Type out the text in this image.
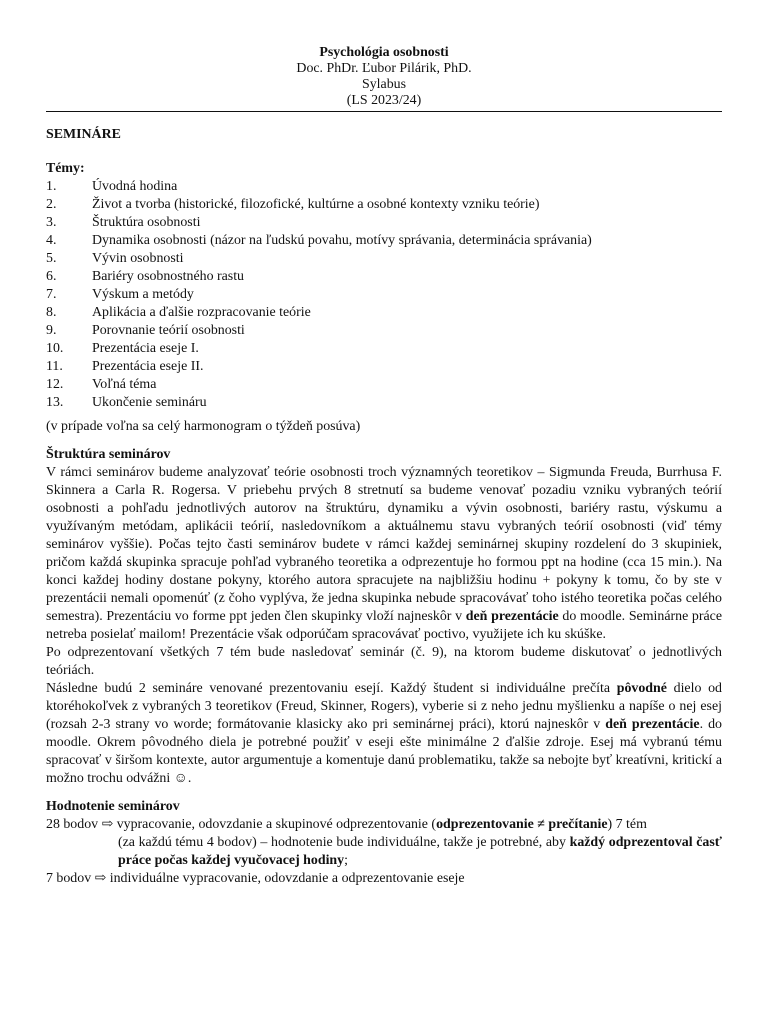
Psychológia osobnosti
Doc. PhDr. Ľubor Pilárik, PhD.
Sylabus
(LS 2023/24)
SEMINÁRE
Témy:
1.	Úvodná hodina
2.	Život a tvorba (historické, filozofické, kultúrne a osobné kontexty vzniku teórie)
3.	Štruktúra osobnosti
4.	Dynamika osobnosti (názor na ľudskú povahu, motívy správania, determinácia správania)
5.	Vývin osobnosti
6.	Bariéry osobnostného rastu
7.	Výskum a metódy
8.	Aplikácia a ďalšie rozpracovanie teórie
9.	Porovnanie teórií osobnosti
10.	Prezentácia eseje I.
11.	Prezentácia eseje II.
12.	Voľná téma
13.	Ukončenie semináru
(v prípade voľna sa celý harmonogram o týždeň posúva)
Štruktúra seminárov
V rámci seminárov budeme analyzovať teórie osobnosti troch významných teoretikov – Sigmunda Freuda, Burrhusa F. Skinnera a Carla R. Rogersa. V priebehu prvých 8 stretnutí sa budeme venovať pozadiu vzniku vybraných teórií osobnosti a pohľadu jednotlivých autorov na štruktúru, dynamiku a vývin osobnosti, bariéry rastu, výskumu a využívaným metódam, aplikácii teórií, nasledovníkom a aktuálnemu stavu vybraných teórií osobnosti (viď témy seminárov vyššie). Počas tejto časti seminárov budete v rámci každej seminárnej skupiny rozdelení do 3 skupiniek, pričom každá skupinka spracuje pohľad vybraného teoretika a odprezentuje ho formou ppt na hodine (cca 15 min.). Na konci každej hodiny dostane pokyny, ktorého autora spracujete na najbližšiu hodinu + pokyny k tomu, čo by ste v prezentácii nemali opomenúť (z čoho vyplýva, že jedna skupinka nebude spracovávať toho istého teoretika počas celého semestra). Prezentáciu vo forme ppt jeden člen skupinky vloží najneskôr v deň prezentácie do moodle. Seminárne práce netreba posielať mailom! Prezentácie však odporúčam spracovávať poctivo, využijete ich ku skúške.
Po odprezentovaní všetkých 7 tém bude nasledovať seminár (č. 9), na ktorom budeme diskutovať o jednotlivých teóriách.
Následne budú 2 semináre venované prezentovaniu esejí. Každý študent si individuálne prečíta pôvodné dielo od ktoréhokoľvek z vybraných 3 teoretikov (Freud, Skinner, Rogers), vyberie si z neho jednu myšlienku a napíše o nej esej (rozsah 2-3 strany vo worde; formátovanie klasicky ako pri seminárnej práci), ktorú najneskôr v deň prezentácie. do moodle. Okrem pôvodného diela je potrebné použiť v eseji ešte minimálne 2 ďalšie zdroje. Esej má vybranú tému spracovať v širšom kontexte, autor argumentuje a komentuje danú problematiku, takže sa nebojte byť kreatívni, kritickí a možno trochu odvážni ☺.
Hodnotenie seminárov
28 bodov ⇨ vypracovanie, odovzdanie a skupinové odprezentovanie (odprezentovanie ≠ prečítanie) 7 tém
(za každú tému 4 bodov) – hodnotenie bude individuálne, takže je potrebné, aby každý odprezentoval časť práce počas každej vyučovacej hodiny;
7 bodov ⇨ individuálne vypracovanie, odovzdanie a odprezentovanie eseje
